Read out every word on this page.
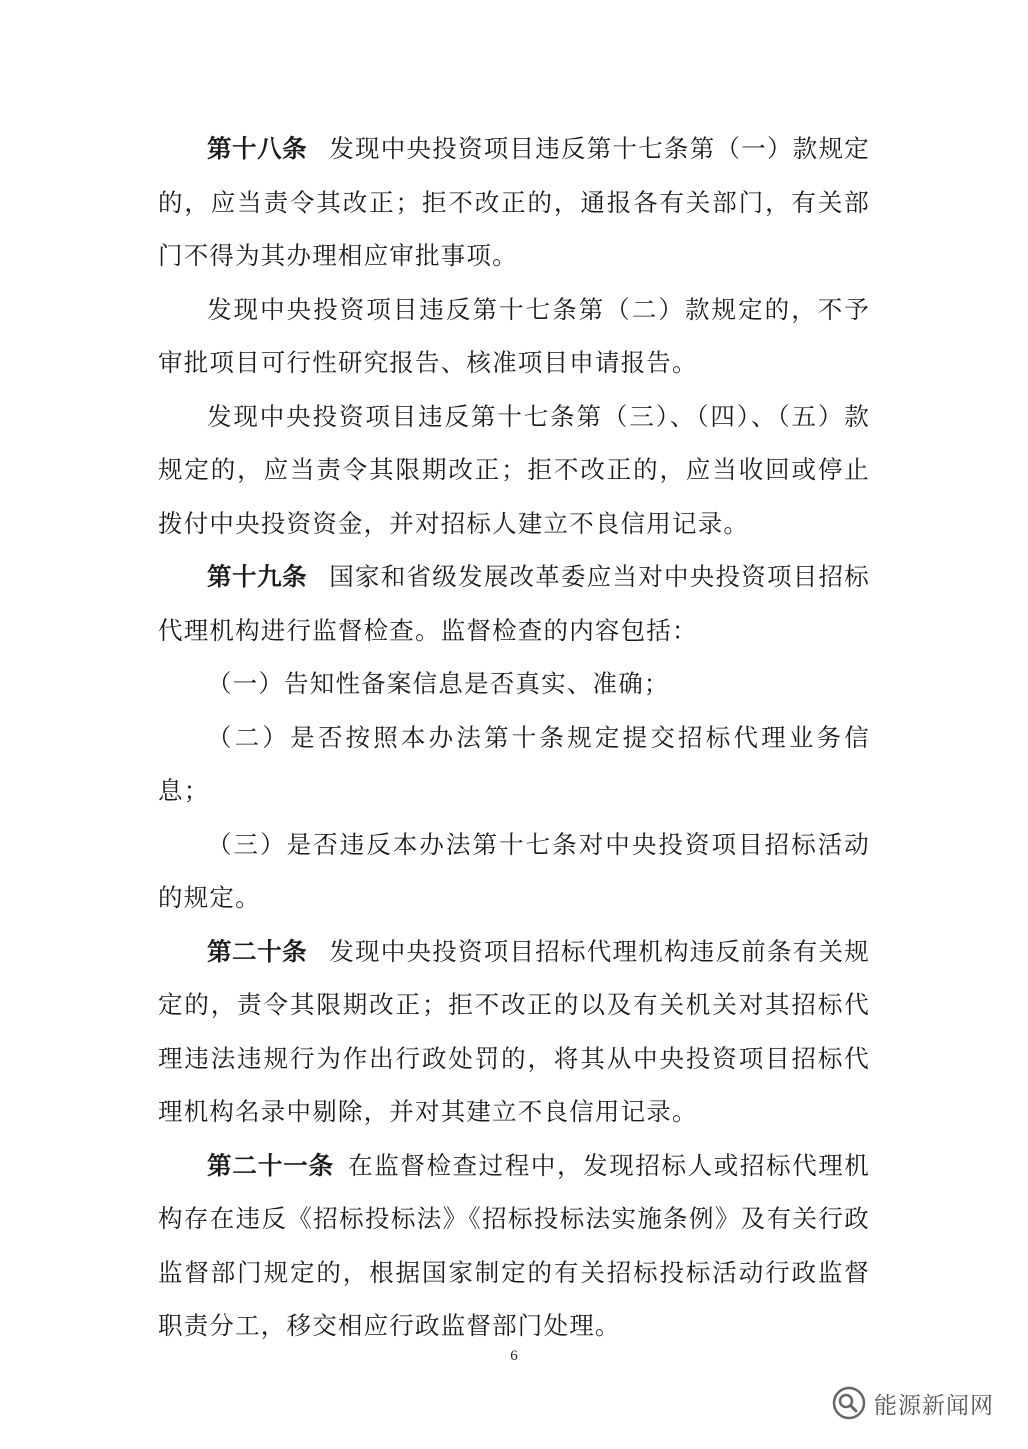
第十八条 发现中央投资项目违反第十七条第（一）款规定的，应当责令其改正；拒不改正的，通报各有关部门，有关部门不得为其办理相应审批事项。

发现中央投资项目违反第十七条第（二）款规定的，不予审批项目可行性研究报告、核准项目申请报告。

发现中央投资项目违反第十七条第（三）、（四）、（五）款规定的，应当责令其限期改正；拒不改正的，应当收回或停止拨付中央投资资金，并对招标人建立不良信用记录。

第十九条 国家和省级发展改革委应当对中央投资项目招标代理机构进行监督检查。监督检查的内容包括：

（一）告知性备案信息是否真实、准确；

（二）是否按照本办法第十条规定提交招标代理业务信息；

（三）是否违反本办法第十七条对中央投资项目招标活动的规定。

第二十条 发现中央投资项目招标代理机构违反前条有关规定的，责令其限期改正；拒不改正的以及有关机关对其招标代理违法违规行为作出行政处罚的，将其从中央投资项目招标代理机构名录中剔除，并对其建立不良信用记录。

第二十一条 在监督检查过程中，发现招标人或招标代理机构存在违反《招标投标法》《招标投标法实施条例》及有关行政监督部门规定的，根据国家制定的有关招标投标活动行政监督职责分工，移交相应行政监督部门处理。

6
能源新闻网
